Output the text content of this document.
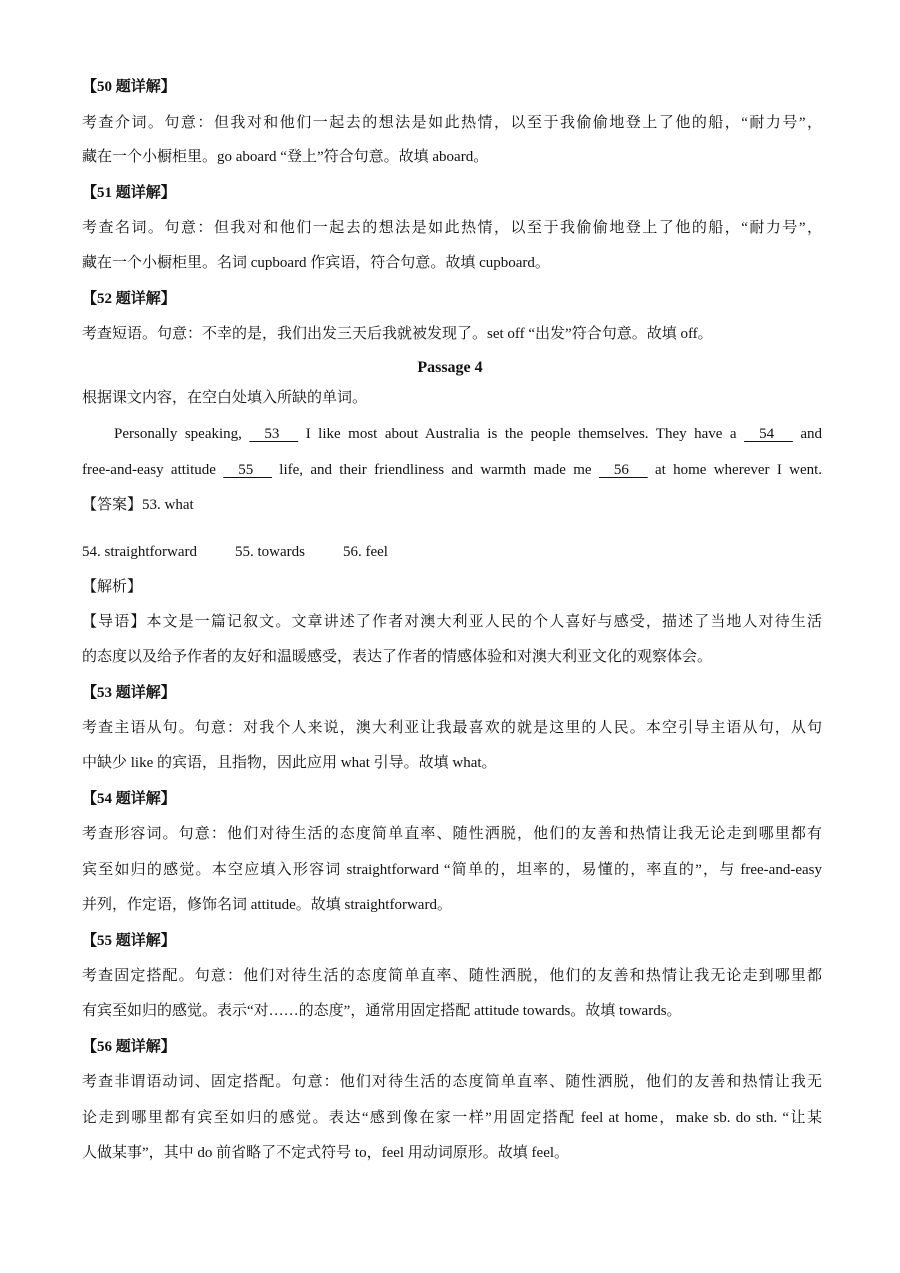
【50 题详解】
考查介词。句意：但我对和他们一起去的想法是如此热情，以至于我偷偷地登上了他的船，“耐力号”，
藏在一个小橱柜里。go aboard “登上”符合句意。故填 aboard。
【51 题详解】
考查名词。句意：但我对和他们一起去的想法是如此热情，以至于我偷偷地登上了他的船，“耐力号”，
藏在一个小橱柜里。名词 cupboard 作宾语，符合句意。故填 cupboard。
【52 题详解】
考查短语。句意：不幸的是，我们出发三天后我就被发现了。set off “出发”符合句意。故填 off。
Passage 4
根据课文内容，在空白处填入所缺的单词。
Personally speaking,     53      I like most about Australia is the people themselves. They have a     54      and
free-and-easy attitude     55      life, and their friendliness and warmth made me     56      at home wherever I went.
【答案】53. what
54. straightforward	55. towards	56. feel
【解析】
【导语】本文是一篇记叙文。文章讲述了作者对澳大利亚人民的个人喜好与感受，描述了当地人对待生活
的态度以及给予作者的友好和温暖感受，表达了作者的情感体验和对澳大利亚文化的观察体会。
【53 题详解】
考查主语从句。句意：对我个人来说，澳大利亚让我最喜欢的就是这里的人民。本空引导主语从句，从句
中缺少 like 的宾语，且指物，因此应用 what 引导。故填 what。
【54 题详解】
考查形容词。句意：他们对待生活的态度简单直率、随性洒脱，他们的友善和热情让我无论走到哪里都有
宾至如归的感觉。本空应填入形容词 straightforward “简单的，坦率的，易懂的，率直的”，与 free-and-easy
并列，作定语，修饰名词 attitude。故填 straightforward。
【55 题详解】
考查固定搭配。句意：他们对待生活的态度简单直率、随性洒脱，他们的友善和热情让我无论走到哪里都
有宾至如归的感觉。表示“对……的态度”，通常用固定搭配 attitude towards。故填 towards。
【56 题详解】
考查非谓语动词、固定搭配。句意：他们对待生活的态度简单直率、随性洒脱，他们的友善和热情让我无
论走到哪里都有宾至如归的感觉。表达“感到像在家一样”用固定搭配 feel at home，make sb. do sth. “让某
人做某事”，其中 do 前省略了不定式符号 to，feel 用动词原形。故填 feel。
